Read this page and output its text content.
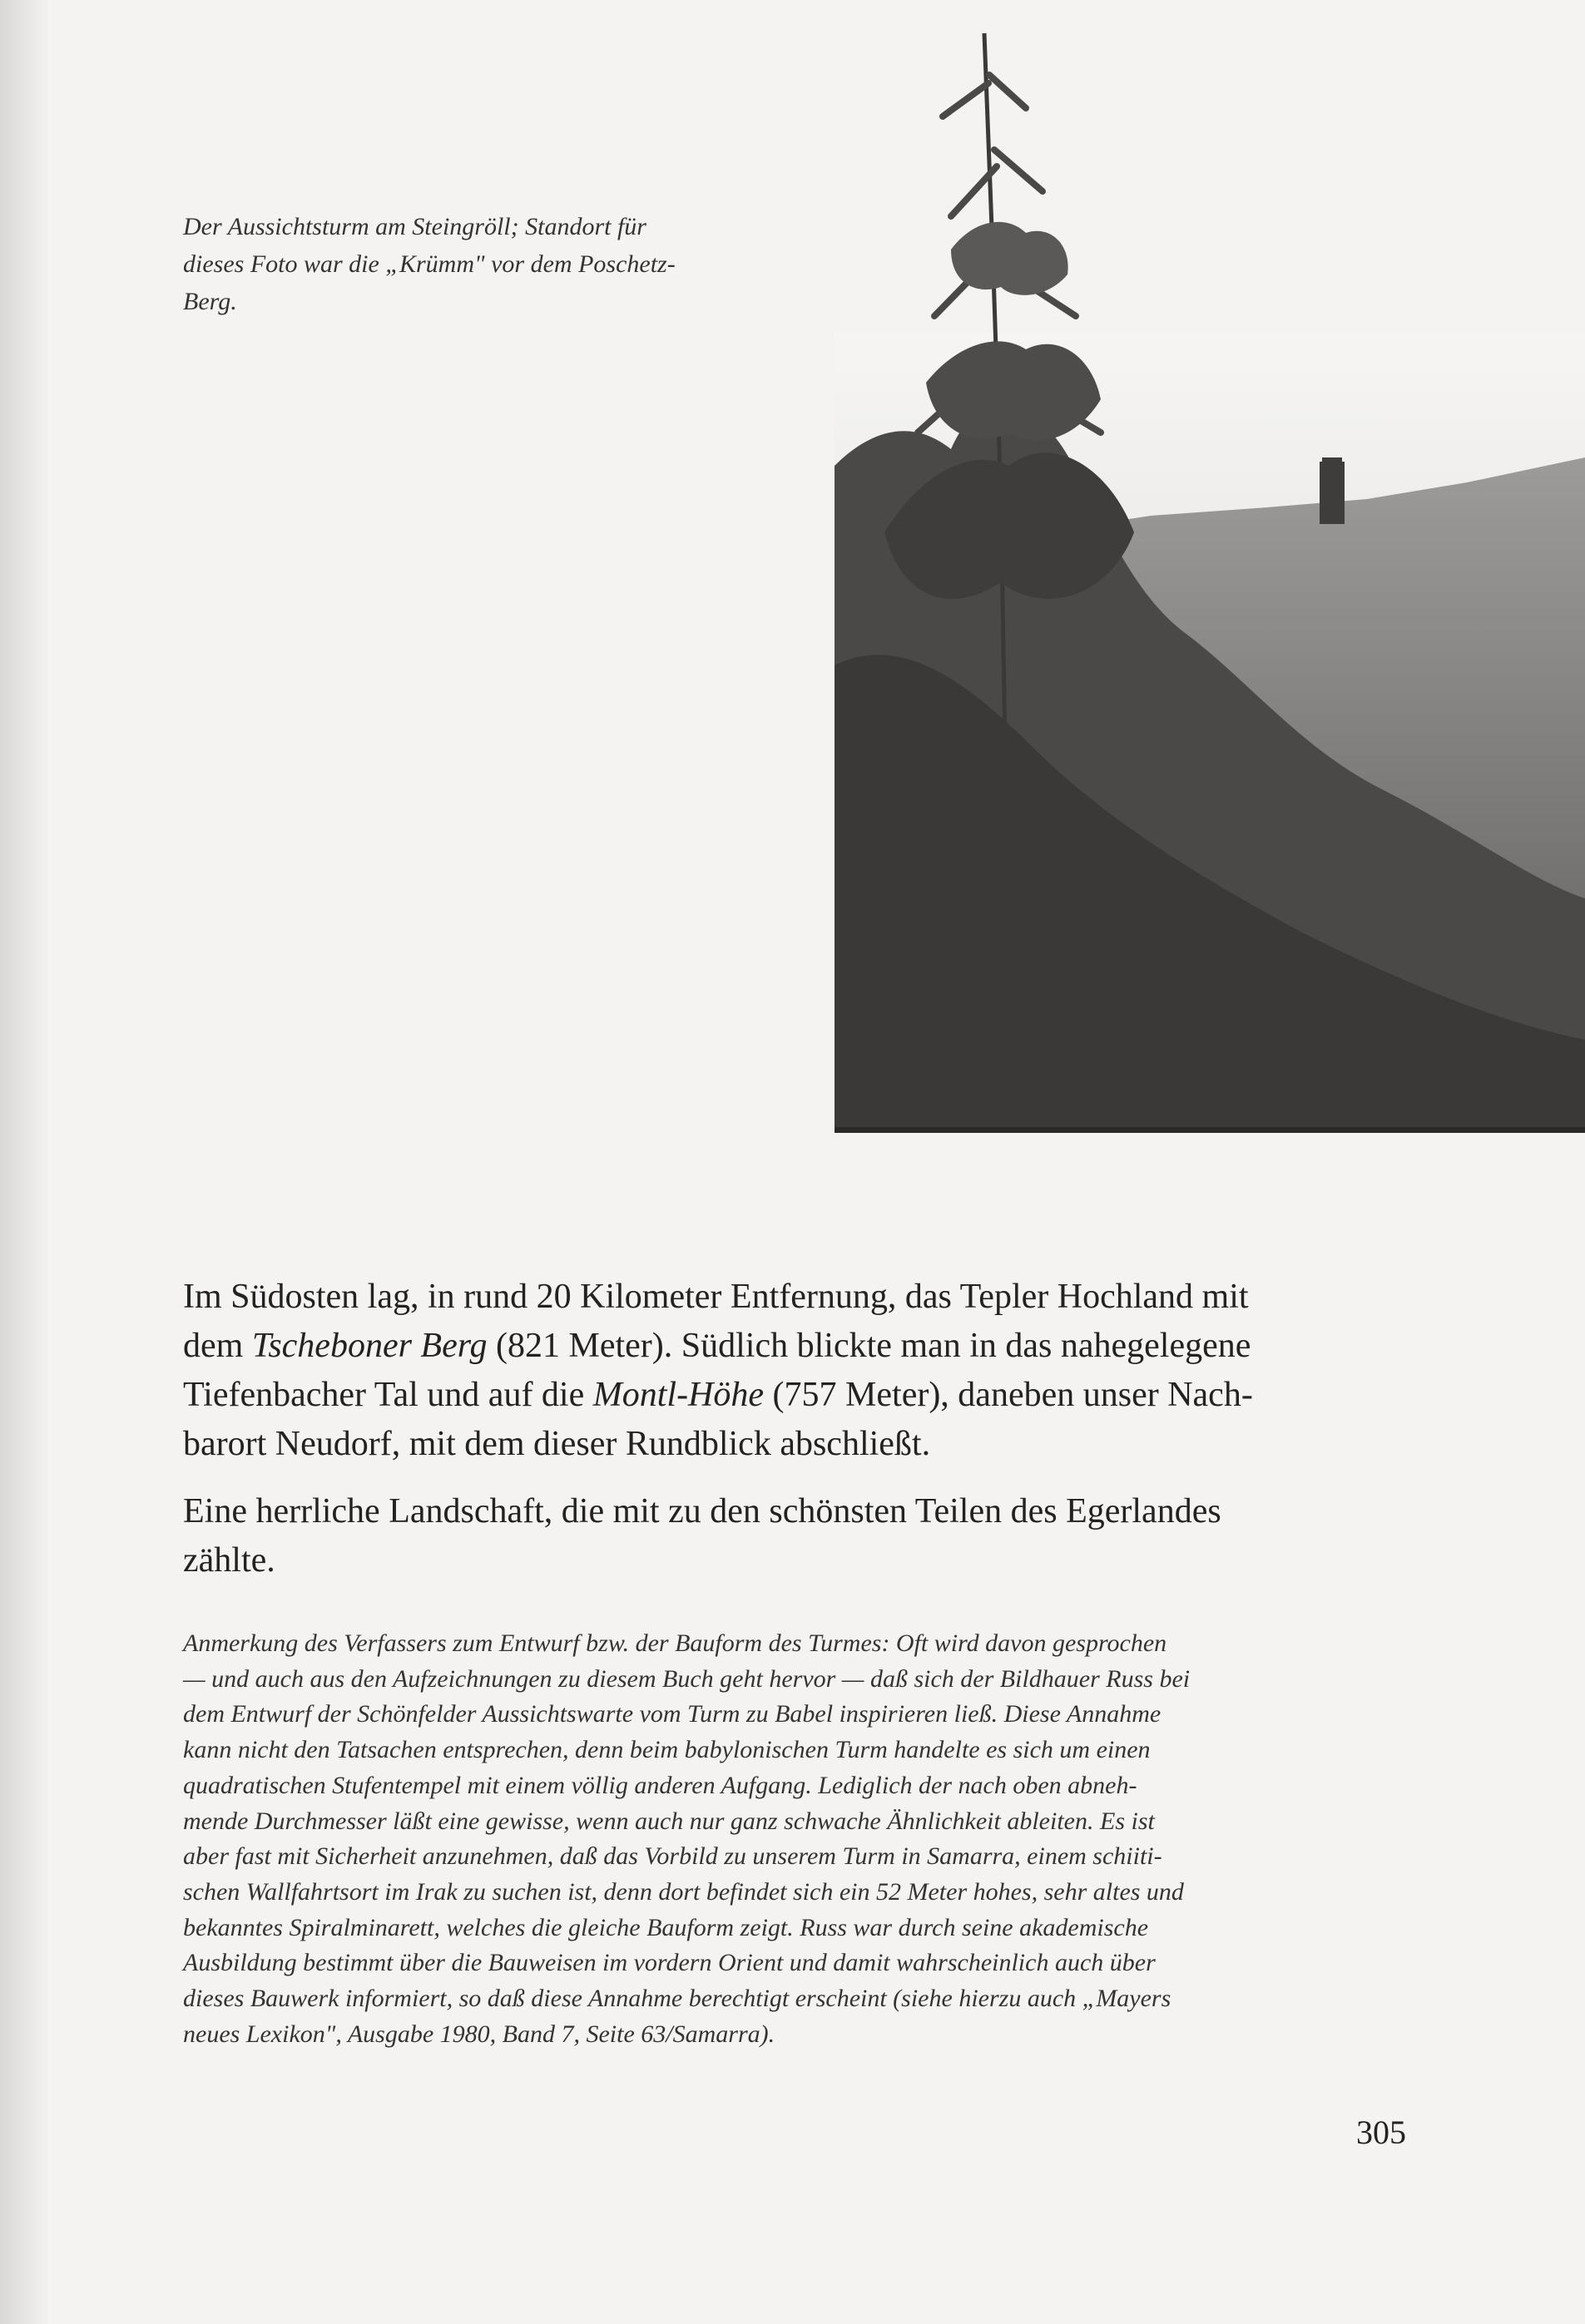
Der Aussichtsturm am Steingröll; Standort für
dieses Foto war die „Krümm" vor dem Poschetz-
Berg.
Im Südosten lag, in rund 20 Kilometer Entfernung, das Tepler Hochland mit
dem Tscheboner Berg (821 Meter). Südlich blickte man in das nahegelegene
Tiefenbacher Tal und auf die Montl-Höhe (757 Meter), daneben unser Nach-
barort Neudorf, mit dem dieser Rundblick abschließt.
Eine herrliche Landschaft, die mit zu den schönsten Teilen des Egerlandes
zählte.
Anmerkung des Verfassers zum Entwurf bzw. der Bauform des Turmes: Oft wird davon gesprochen
— und auch aus den Aufzeichnungen zu diesem Buch geht hervor — daß sich der Bildhauer Russ bei
dem Entwurf der Schönfelder Aussichtswarte vom Turm zu Babel inspirieren ließ. Diese Annahme
kann nicht den Tatsachen entsprechen, denn beim babylonischen Turm handelte es sich um einen
quadratischen Stufentempel mit einem völlig anderen Aufgang. Lediglich der nach oben abneh-
mende Durchmesser läßt eine gewisse, wenn auch nur ganz schwache Ähnlichkeit ableiten. Es ist
aber fast mit Sicherheit anzunehmen, daß das Vorbild zu unserem Turm in Samarra, einem schiiti-
schen Wallfahrtsort im Irak zu suchen ist, denn dort befindet sich ein 52 Meter hohes, sehr altes und
bekanntes Spiralminarett, welches die gleiche Bauform zeigt. Russ war durch seine akademische
Ausbildung bestimmt über die Bauweisen im vordern Orient und damit wahrscheinlich auch über
dieses Bauwerk informiert, so daß diese Annahme berechtigt erscheint (siehe hierzu auch „Mayers
neues Lexikon", Ausgabe 1980, Band 7, Seite 63/Samarra).
305
